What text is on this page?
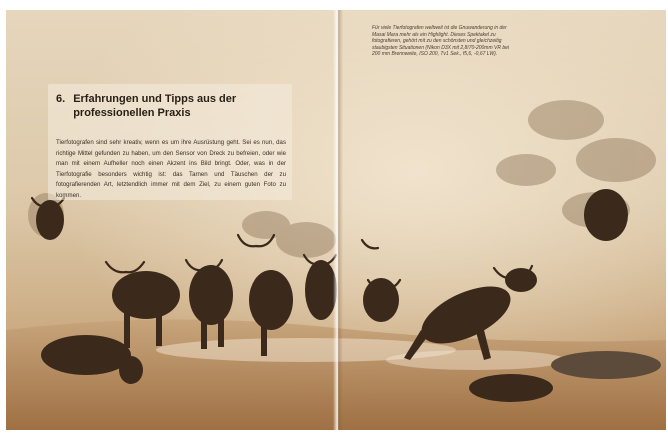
6. Erfahrungen und Tipps aus der professionellen Praxis

Tierfotografen sind sehr kreativ, wenn es um ihre Ausrüstung geht. Sei es nun, das richtige Mittel gefunden zu haben, um den Sensor von Dreck zu befreien, oder wie man mit einem Aufheller noch einen Akzent ins Bild bringt. Oder, was in der Tierfotografie besonders wichtig ist: das Tarnen und Täuschen der zu fotografierenden Art, letztendlich immer mit dem Ziel, zu einem guten Foto zu kommen.

Für viele Tierfotografen weltweit ist die Gnuwanderung in der Masai Mara mehr als ein Highlight. Dieses Spektakel zu fotografieren, gehört mit zu den schönsten und gleichzeitig staubigsten Situationen (Nikon D3X mit 2,8/70-200mm VR bei 200 mm Brennweite, ISO 200, Tv1 Sek., f5,6, -0,67 LW).
